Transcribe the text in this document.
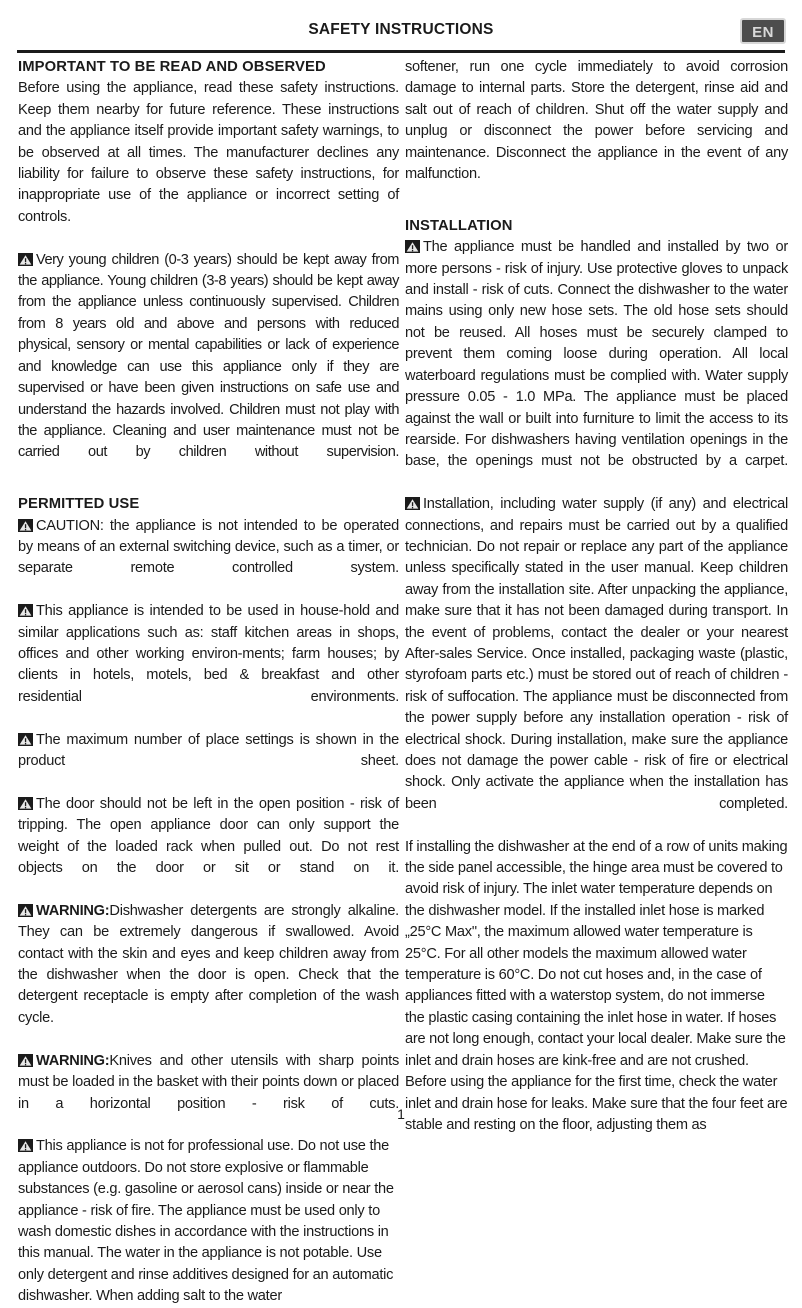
SAFETY INSTRUCTIONS	EN
IMPORTANT TO BE READ AND OBSERVED

Before using the appliance, read these safety instructions. Keep them nearby for future reference. These instructions and the appliance itself provide important safety warnings, to be observed at all times. The manufacturer declines any liability for failure to observe these safety instructions, for inappropriate use of the appliance or incorrect setting of controls.

Very young children (0-3 years) should be kept away from the appliance. Young children (3-8 years) should be kept away from the appliance unless continuously supervised. Children from 8 years old and above and persons with reduced physical, sensory or mental capabilities or lack of experience and knowledge can use this appliance only if they are supervised or have been given instructions on safe use and understand the hazards involved. Children must not play with the appliance. Cleaning and user maintenance must not be carried out by children without supervision.

PERMITTED USE

CAUTION: the appliance is not intended to be operated by means of an external switching device, such as a timer, or separate remote controlled system.

This appliance is intended to be used in house-hold and similar applications such as: staff kitchen areas in shops, offices and other working environ-ments; farm houses; by clients in hotels, motels, bed & breakfast and other residential environments.

The maximum number of place settings is shown in the product sheet.

The door should not be left in the open position - risk of tripping. The open appliance door can only support the weight of the loaded rack when pulled out. Do not rest objects on the door or sit or stand on it.

WARNING:Dishwasher detergents are strongly alkaline. They can be extremely dangerous if swallowed. Avoid contact with the skin and eyes and keep children away from the dishwasher when the door is open. Check that the detergent receptacle is empty after completion of the wash cycle.

WARNING:Knives and other utensils with sharp points must be loaded in the basket with their points down or placed in a horizontal position - risk of cuts.

This appliance is not for professional use. Do not use the appliance outdoors. Do not store explosive or flammable substances (e.g. gasoline or aerosol cans) inside or near the appliance - risk of fire. The appliance must be used only to wash domestic dishes in accordance with the instructions in this manual. The water in the appliance is not potable. Use only detergent and rinse additives designed for an automatic dishwasher. When adding salt to the water

softener, run one cycle immediately to avoid corrosion damage to internal parts. Store the detergent, rinse aid and salt out of reach of children. Shut off the water supply and unplug or disconnect the power before servicing and maintenance. Disconnect the appliance in the event of any malfunction.

INSTALLATION

The appliance must be handled and installed by two or more persons - risk of injury. Use protective gloves to unpack and install - risk of cuts. Connect the dishwasher to the water mains using only new hose sets. The old hose sets should not be reused. All hoses must be securely clamped to prevent them coming loose during operation. All local waterboard regulations must be complied with. Water supply pressure 0.05 - 1.0 MPa. The appliance must be placed against the wall or built into furniture to limit the access to its rearside. For dishwashers having ventilation openings in the base, the openings must not be obstructed by a carpet.

Installation, including water supply (if any) and electrical connections, and repairs must be carried out by a qualified technician. Do not repair or replace any part of the appliance unless specifically stated in the user manual. Keep children away from the installation site. After unpacking the appliance, make sure that it has not been damaged during transport. In the event of problems, contact the dealer or your nearest After-sales Service. Once installed, packaging waste (plastic, styrofoam parts etc.) must be stored out of reach of children - risk of suffocation. The appliance must be disconnected from the power supply before any installation operation - risk of electrical shock. During installation, make sure the appliance does not damage the power cable - risk of fire or electrical shock. Only activate the appliance when the installation has been completed.

If installing the dishwasher at the end of a row of units making the side panel accessible, the hinge area must be covered to avoid risk of injury. The inlet water temperature depends on the dishwasher model. If the installed inlet hose is marked „25°C Max", the maximum allowed water temperature is 25°C. For all other models the maximum allowed water temperature is 60°C. Do not cut hoses and, in the case of appliances fitted with a waterstop system, do not immerse the plastic casing containing the inlet hose in water. If hoses are not long enough, contact your local dealer. Make sure the inlet and drain hoses are kink-free and are not crushed. Before using the appliance for the first time, check the water inlet and drain hose for leaks. Make sure that the four feet are stable and resting on the floor, adjusting them as

1
